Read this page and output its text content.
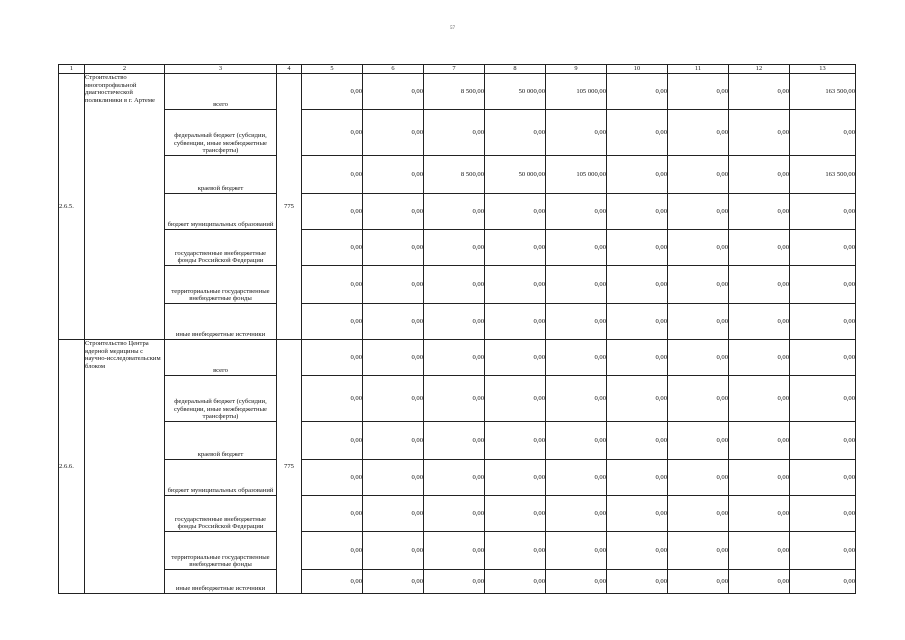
57
1	2	3	4	5	6	7	8	9	10	11	12	13
2.6.5.	Строительство многопрофильной диагностической поликлиники в г. Артеме	всего	775	0,00	0,00	8 500,00	50 000,00	105 000,00	0,00	0,00	0,00	163 500,00
		федеральный бюджет (субсидии, субвенции, иные межбюджетные трансферты)		0,00	0,00	0,00	0,00	0,00	0,00	0,00	0,00	0,00
		краевой бюджет		0,00	0,00	8 500,00	50 000,00	105 000,00	0,00	0,00	0,00	163 500,00
		бюджет муниципальных образований		0,00	0,00	0,00	0,00	0,00	0,00	0,00	0,00	0,00
		государственные внебюджетные фонды Российской Федерации		0,00	0,00	0,00	0,00	0,00	0,00	0,00	0,00	0,00
		территориальные государственные внебюджетные фонды		0,00	0,00	0,00	0,00	0,00	0,00	0,00	0,00	0,00
		иные внебюджетные источники		0,00	0,00	0,00	0,00	0,00	0,00	0,00	0,00	0,00
2.6.6.	Строительство Центра ядерной медицины с научно-исследовательским блоком	всего	775	0,00	0,00	0,00	0,00	0,00	0,00	0,00	0,00	0,00
		федеральный бюджет (субсидии, субвенции, иные межбюджетные трансферты)		0,00	0,00	0,00	0,00	0,00	0,00	0,00	0,00	0,00
		краевой бюджет		0,00	0,00	0,00	0,00	0,00	0,00	0,00	0,00	0,00
		бюджет муниципальных образований		0,00	0,00	0,00	0,00	0,00	0,00	0,00	0,00	0,00
		государственные внебюджетные фонды Российской Федерации		0,00	0,00	0,00	0,00	0,00	0,00	0,00	0,00	0,00
		территориальные государственные внебюджетные фонды		0,00	0,00	0,00	0,00	0,00	0,00	0,00	0,00	0,00
		иные внебюджетные источники		0,00	0,00	0,00	0,00	0,00	0,00	0,00	0,00	0,00
